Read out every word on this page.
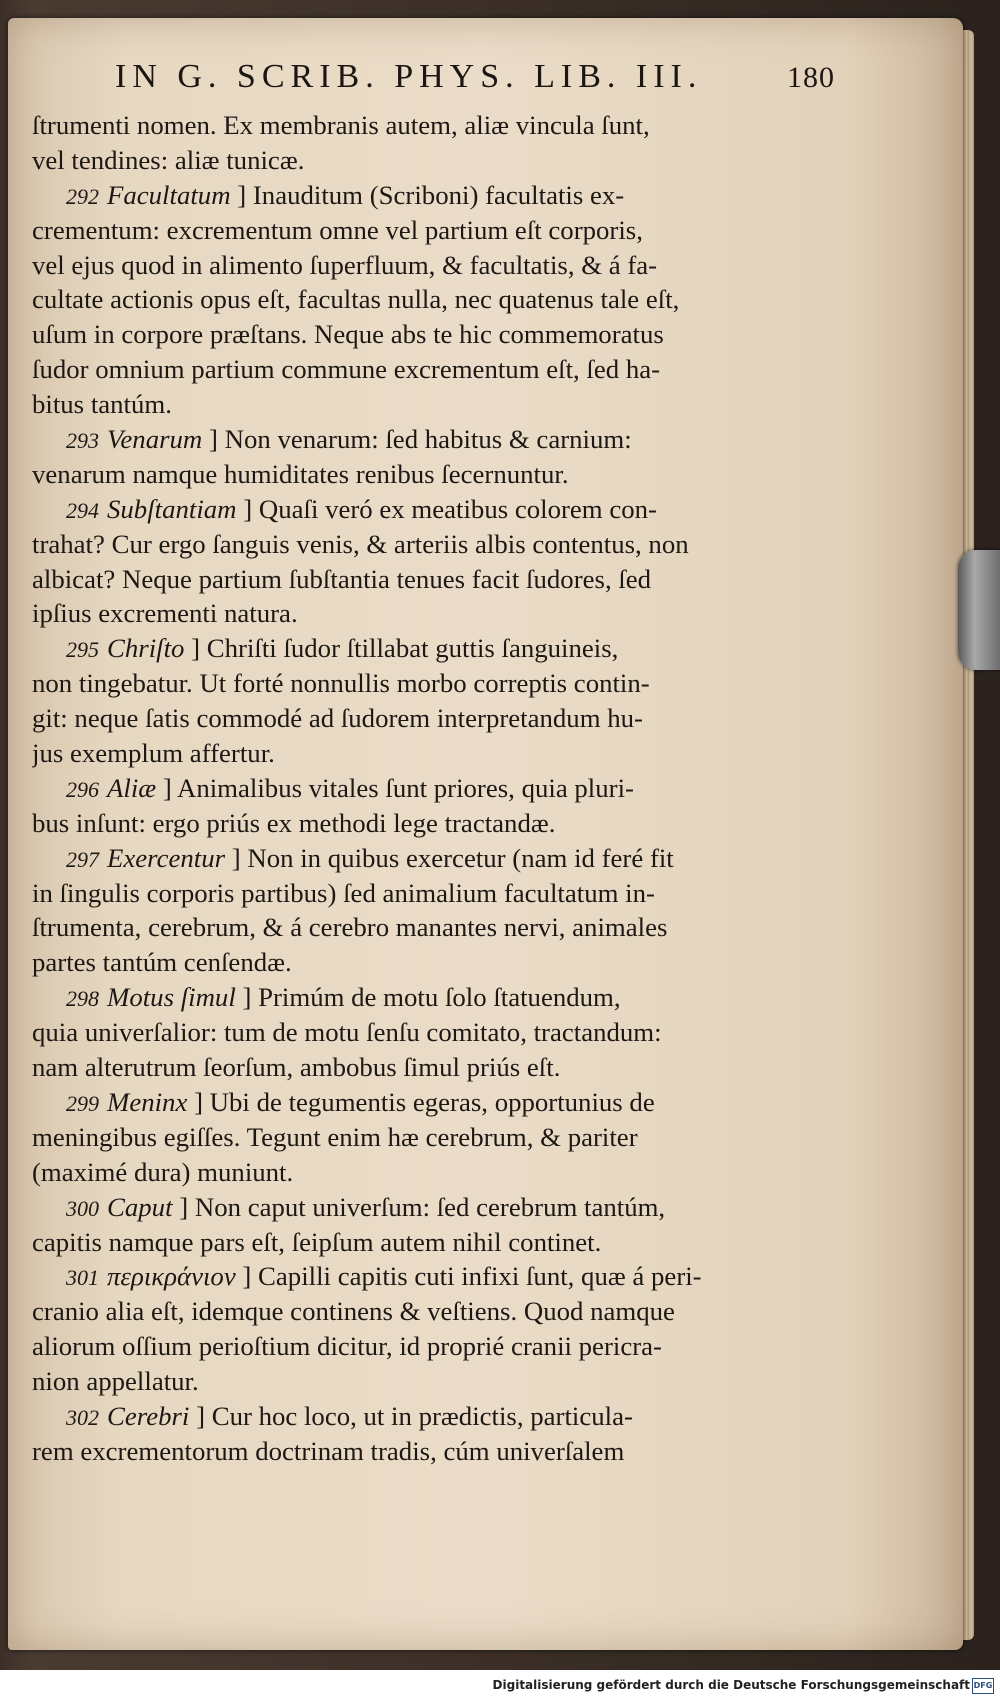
IN G. SCRIB. PHYS. LIB. III.	180
ſtrumenti nomen. Ex membranis autem, aliæ vincula ſunt,
vel tendines: aliæ tunicæ.
292 Facultatum ] Inauditum (Scriboni) facultatis ex-
crementum: excrementum omne vel partium eſt corporis,
vel ejus quod in alimento ſuperfluum, & facultatis, & á fa-
cultate actionis opus eſt, facultas nulla, nec quatenus tale eſt,
uſum in corpore præſtans. Neque abs te hic commemoratus
ſudor omnium partium commune excrementum eſt, ſed ha-
bitus tantúm.
293 Venarum ] Non venarum: ſed habitus & carnium:
venarum namque humiditates renibus ſecernuntur.
294 Subſtantiam ] Quaſi veró ex meatibus colorem con-
trahat? Cur ergo ſanguis venis, & arteriis albis contentus, non
albicat? Neque partium ſubſtantia tenues facit ſudores, ſed
ipſius excrementi natura.
295 Chriſto ] Chriſti ſudor ſtillabat guttis ſanguineis,
non tingebatur. Ut forté nonnullis morbo correptis contin-
git: neque ſatis commodé ad ſudorem interpretandum hu-
jus exemplum affertur.
296 Aliæ ] Animalibus vitales ſunt priores, quia pluri-
bus inſunt: ergo priús ex methodi lege tractandæ.
297 Exercentur ] Non in quibus exercetur (nam id feré fit
in ſingulis corporis partibus) ſed animalium facultatum in-
ſtrumenta, cerebrum, & á cerebro manantes nervi, animales
partes tantúm cenſendæ.
298 Motus ſimul ] Primúm de motu ſolo ſtatuendum,
quia univerſalior: tum de motu ſenſu comitato, tractandum:
nam alterutrum ſeorſum, ambobus ſimul priús eſt.
299 Meninx ] Ubi de tegumentis egeras, opportunius de
meningibus egiſſes. Tegunt enim hæ cerebrum, & pariter
(maximé dura) muniunt.
300 Caput ] Non caput univerſum: ſed cerebrum tantúm,
capitis namque pars eſt, ſeipſum autem nihil continet.
301 περικράνιον ] Capilli capitis cuti infixi ſunt, quæ á peri-
cranio alia eſt, idemque continens & veſtiens. Quod namque
aliorum oſſium perioſtium dicitur, id proprié cranii pericra-
nion appellatur.
302 Cerebri ] Cur hoc loco, ut in prædictis, particula-
rem excrementorum doctrinam tradis, cúm univerſalem
Digitalisierung gefördert durch die Deutsche Forschungsgemeinschaft DFG
